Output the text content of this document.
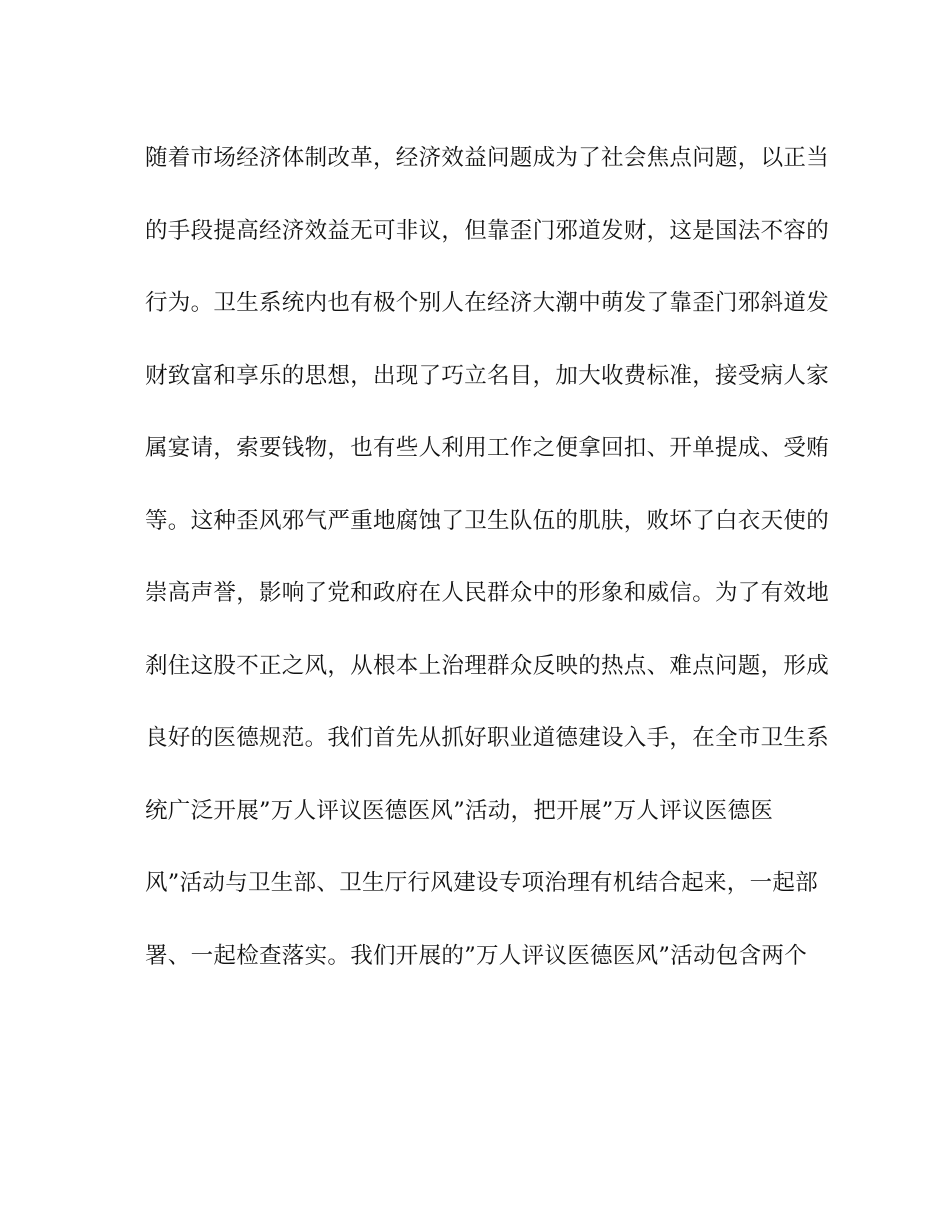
随着市场经济体制改革，经济效益问题成为了社会焦点问题，以正当
的手段提高经济效益无可非议，但靠歪门邪道发财，这是国法不容的
行为。卫生系统内也有极个别人在经济大潮中萌发了靠歪门邪斜道发
财致富和享乐的思想，出现了巧立名目，加大收费标准，接受病人家
属宴请，索要钱物，也有些人利用工作之便拿回扣、开单提成、受贿
等。这种歪风邪气严重地腐蚀了卫生队伍的肌肤，败坏了白衣天使的
崇高声誉，影响了党和政府在人民群众中的形象和威信。为了有效地
刹住这股不正之风，从根本上治理群众反映的热点、难点问题，形成
良好的医德规范。我们首先从抓好职业道德建设入手，在全市卫生系
统广泛开展”万人评议医德医风”活动，把开展”万人评议医德医
风”活动与卫生部、卫生厅行风建设专项治理有机结合起来，一起部
署、一起检查落实。我们开展的”万人评议医德医风”活动包含两个
